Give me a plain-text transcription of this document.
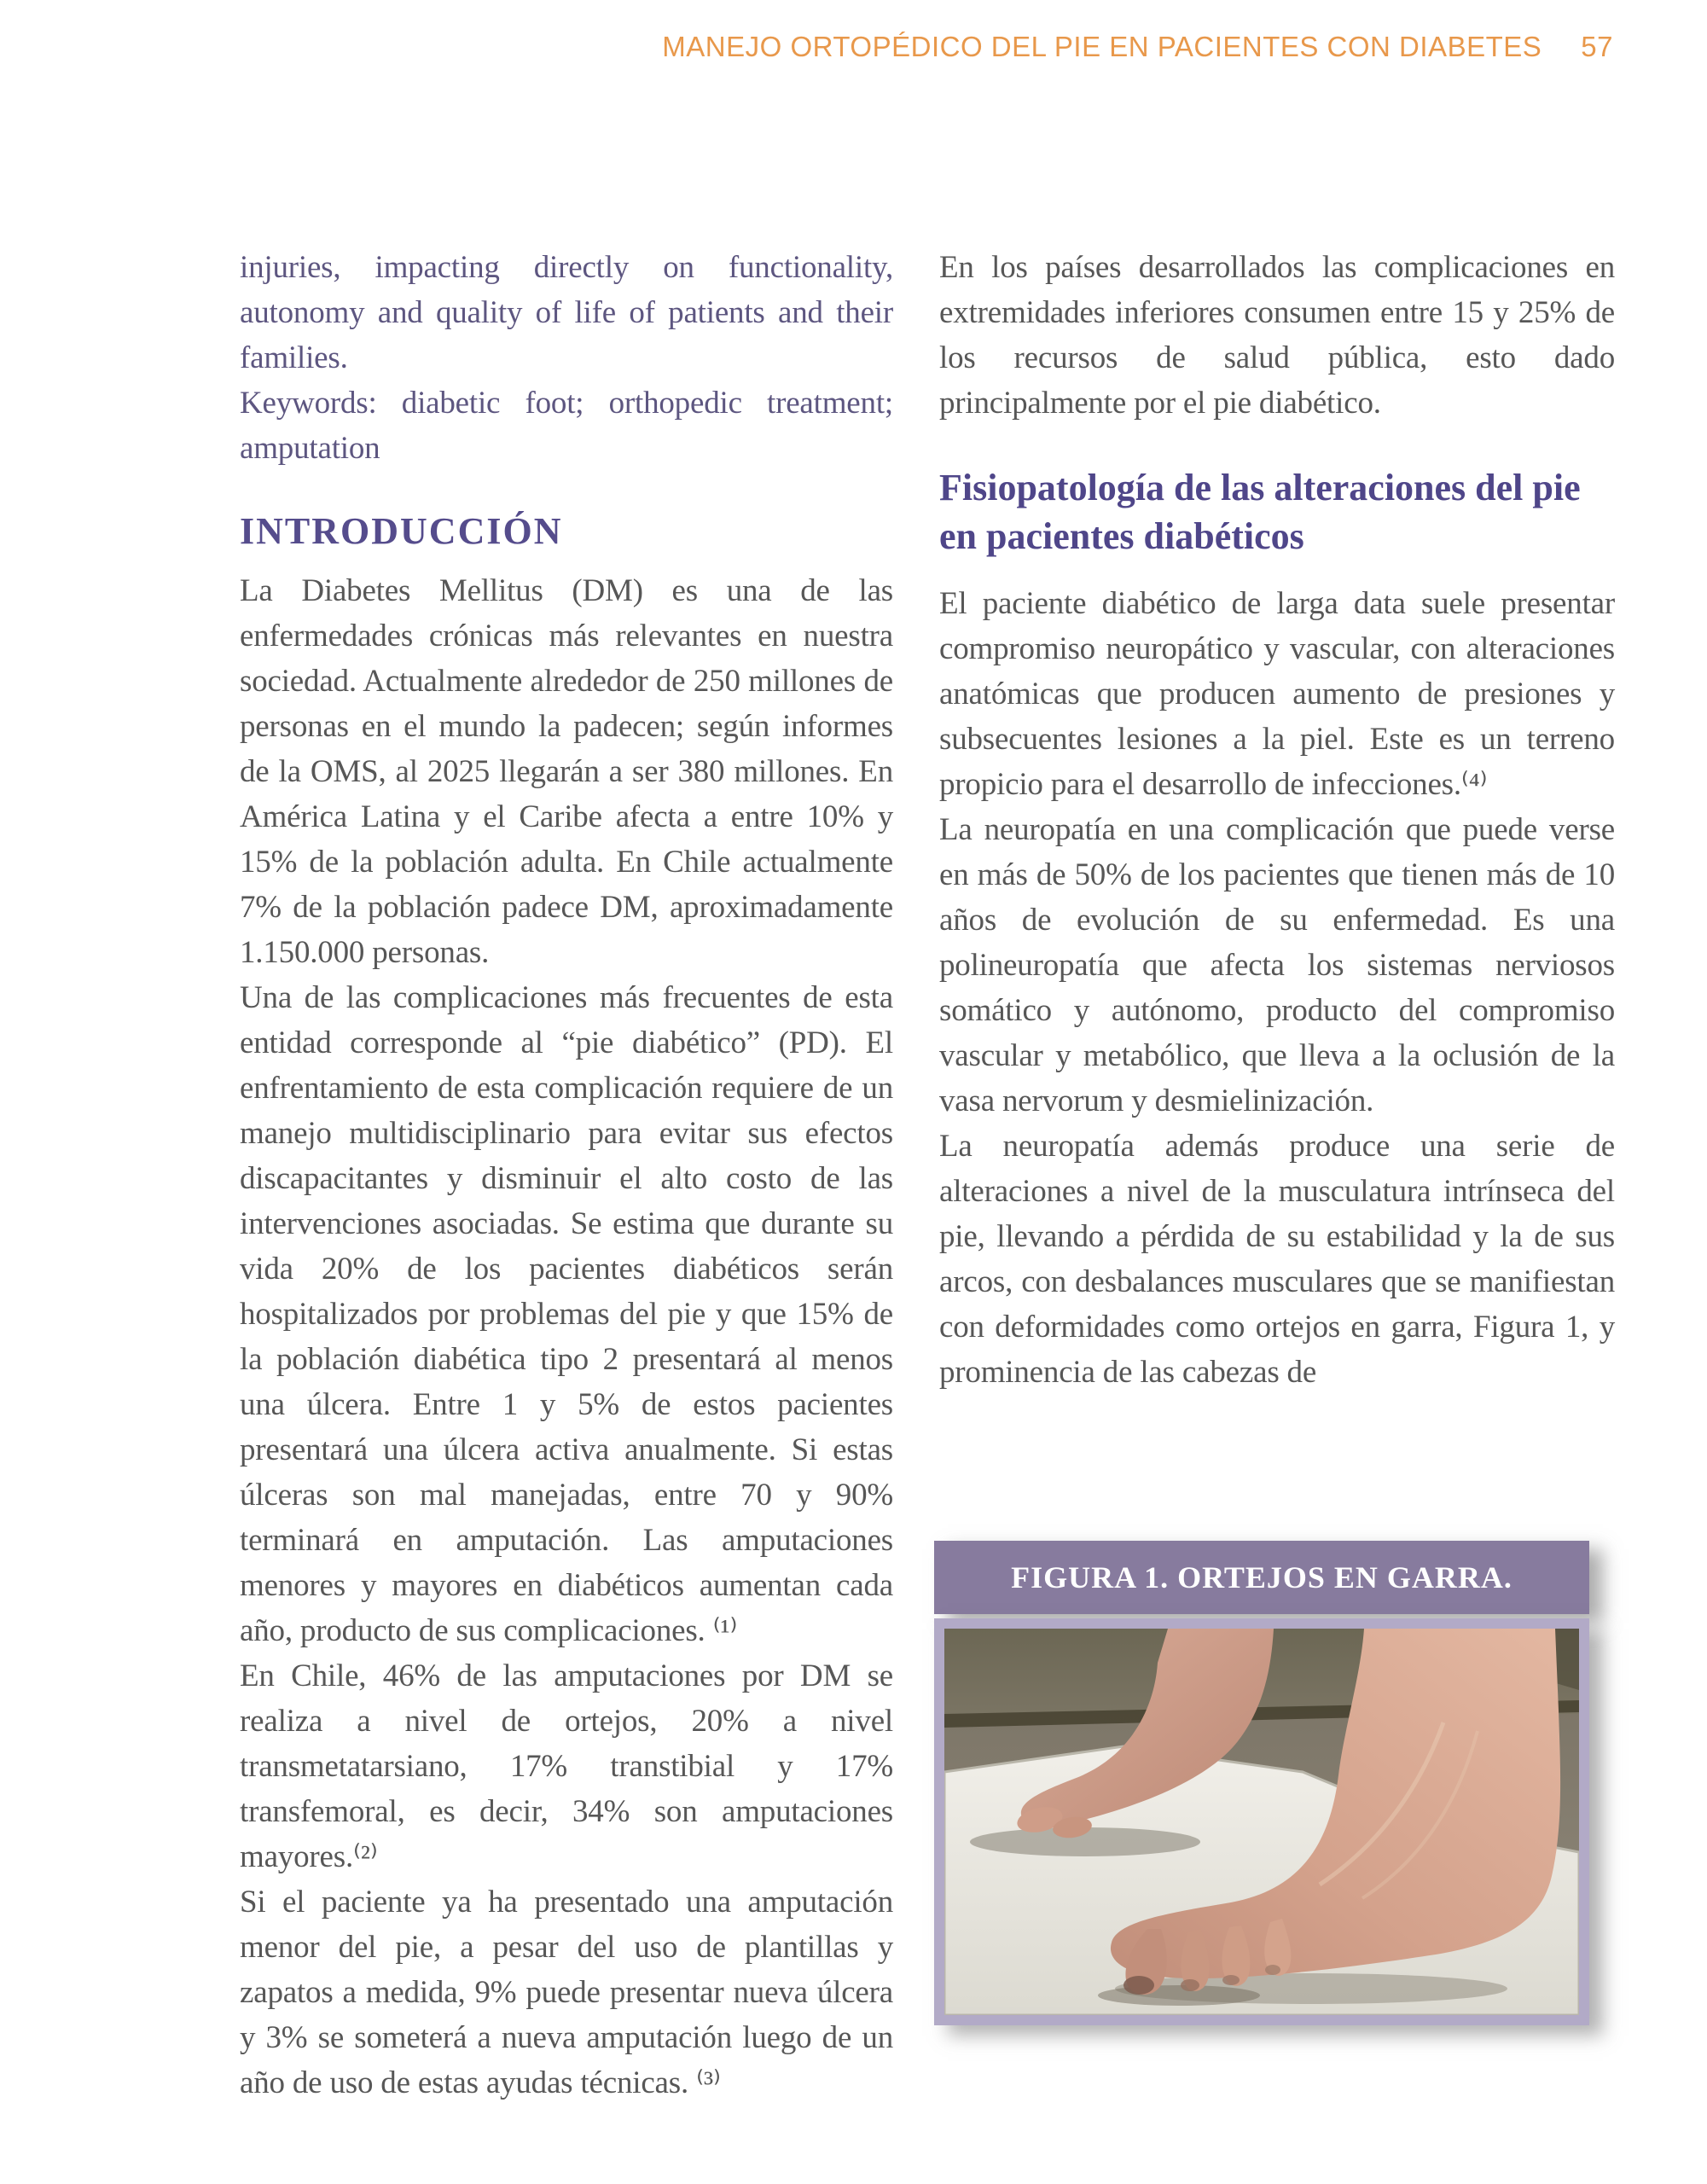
MANEJO ORTOPÉDICO DEL PIE EN PACIENTES CON DIABETES 57

injuries, impacting directly on functionality, autonomy and quality of life of patients and their families.

Keywords: diabetic foot; orthopedic treatment; amputation

INTRODUCCIÓN

La Diabetes Mellitus (DM) es una de las enfermedades crónicas más relevantes en nuestra sociedad. Actualmente alrededor de 250 millones de personas en el mundo la padecen; según informes de la OMS, al 2025 llegarán a ser 380 millones. En América Latina y el Caribe afecta a entre 10% y 15% de la población adulta. En Chile actualmente 7% de la población padece DM, aproximadamente 1.150.000 personas.

Una de las complicaciones más frecuentes de esta entidad corresponde al “pie diabético” (PD). El enfrentamiento de esta complicación requiere de un manejo multidisciplinario para evitar sus efectos discapacitantes y disminuir el alto costo de las intervenciones asociadas. Se estima que durante su vida 20% de los pacientes diabéticos serán hospitalizados por problemas del pie y que 15% de la población diabética tipo 2 presentará al menos una úlcera. Entre 1 y 5% de estos pacientes presentará una úlcera activa anualmente. Si estas úlceras son mal manejadas, entre 70 y 90% terminará en amputación. Las amputaciones menores y mayores en diabéticos aumentan cada año, producto de sus complicaciones. ⁽¹⁾

En Chile, 46% de las amputaciones por DM se realiza a nivel de ortejos, 20% a nivel transmetatarsiano, 17% transtibial y 17% transfemoral, es decir, 34% son amputaciones mayores.⁽²⁾

Si el paciente ya ha presentado una amputación menor del pie, a pesar del uso de plantillas y zapatos a medida, 9% puede presentar nueva úlcera y 3% se someterá a nueva amputación luego de un año de uso de estas ayudas técnicas. ⁽³⁾

En los países desarrollados las complicaciones en extremidades inferiores consumen entre 15 y 25% de los recursos de salud pública, esto dado principalmente por el pie diabético.

Fisiopatología de las alteraciones del pie en pacientes diabéticos

El paciente diabético de larga data suele presentar compromiso neuropático y vascular, con alteraciones anatómicas que producen aumento de presiones y subsecuentes lesiones a la piel. Este es un terreno propicio para el desarrollo de infecciones.⁽⁴⁾

La neuropatía en una complicación que puede verse en más de 50% de los pacientes que tienen más de 10 años de evolución de su enfermedad. Es una polineuropatía que afecta los sistemas nerviosos somático y autónomo, producto del compromiso vascular y metabólico, que lleva a la oclusión de la vasa nervorum y desmielinización.

La neuropatía además produce una serie de alteraciones a nivel de la musculatura intrínseca del pie, llevando a pérdida de su estabilidad y la de sus arcos, con desbalances musculares que se manifiestan con deformidades como ortejos en garra, Figura 1, y prominencia de las cabezas de

FIGURA 1. ORTEJOS EN GARRA.
